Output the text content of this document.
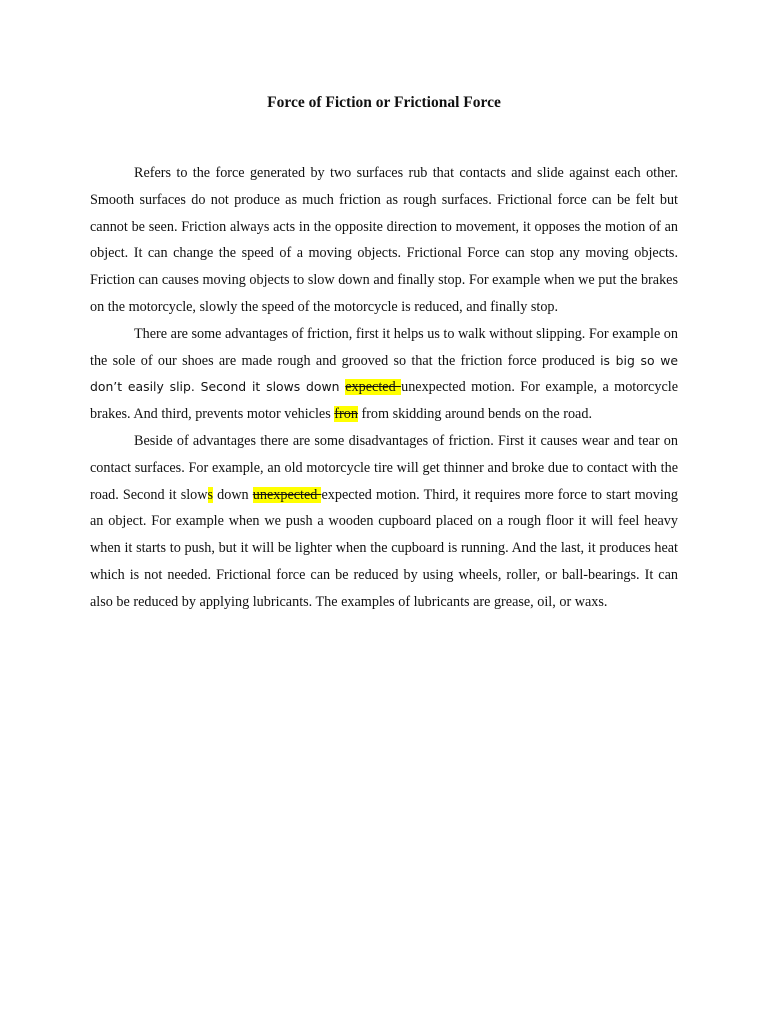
Force of Fiction or Frictional Force

Refers to the force generated by two surfaces rub that contacts and slide against each other. Smooth surfaces do not produce as much friction as rough surfaces. Frictional force can be felt but cannot be seen. Friction always acts in the opposite direction to movement, it opposes the motion of an object. It can change the speed of a moving objects. Frictional Force can stop any moving objects. Friction can causes moving objects to slow down and finally stop. For example when we put the brakes on the motorcycle, slowly the speed of the motorcycle is reduced, and finally stop.

There are some advantages of friction, first it helps us to walk without slipping. For example on the sole of our shoes are made rough and grooved so that the friction force produced is big so we don’t easily slip. Second it slows down expected unexpected motion. For example, a motorcycle brakes. And third, prevents motor vehicles fron from skidding around bends on the road.

Beside of advantages there are some disadvantages of friction. First it causes wear and tear on contact surfaces. For example, an old motorcycle tire will get thinner and broke due to contact with the road. Second it slows down unexpected expected motion. Third, it requires more force to start moving an object. For example when we push a wooden cupboard placed on a rough floor it will feel heavy when it starts to push, but it will be lighter when the cupboard is running. And the last, it produces heat which is not needed. Frictional force can be reduced by using wheels, roller, or ball-bearings. It can also be reduced by applying lubricants. The examples of lubricants are grease, oil, or waxs.
